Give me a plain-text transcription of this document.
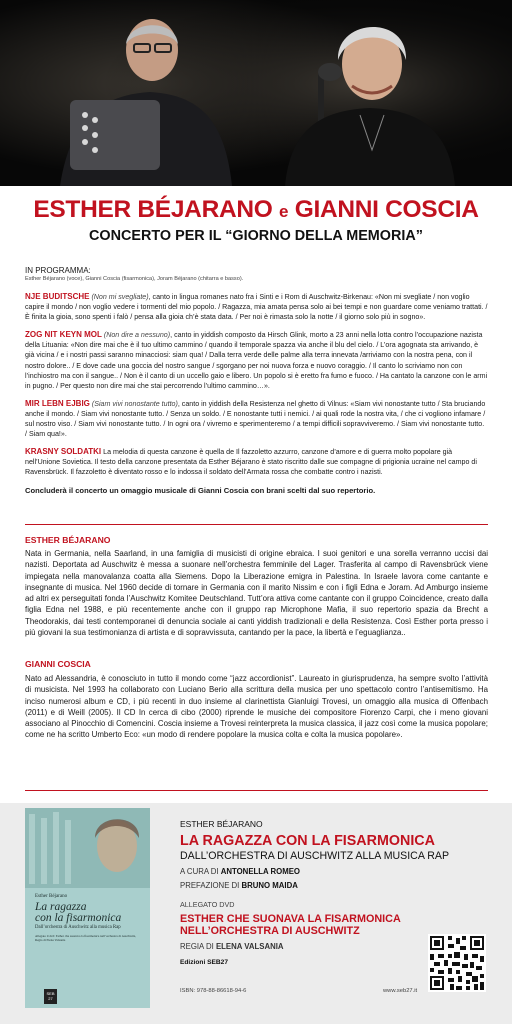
ESTHER BÉJARANO e GIANNI COSCIA
CONCERTO PER IL “GIORNO DELLA MEMORIA”
IN PROGRAMMA:
Esther Béjarano (voce), Gianni Coscia (fisarmonica), Joram Béjarano (chitarra e basso).

NJE BUDITSCHE (Non mi svegliate), canto in lingua romanes nato fra i Sinti e i Rom di Auschwitz-Birkenau: «Non mi svegliate / non voglio capire il mondo / non voglio vedere i tormenti del mio popolo. / Ragazza, mia amata pensa solo ai bei tempi e non guardare come veniamo trattati. / È finita la gioia, sono spenti i falò / pensa alla gioia ch’è stata data. / Per noi è rimasta solo la notte / il giorno solo più in sogno».

ZOG NIT KEYN MOL (Non dire a nessuno), canto in yiddish composto da Hirsch Glink, morto a 23 anni nella lotta contro l’occupazione nazista della Lituania: «Non dire mai che è il tuo ultimo cammino / quando il temporale spazza via anche il blu del cielo. / L’ora agognata sta arrivando, è già vicina / e i nostri passi saranno minacciosi: siam qua! / Dalla terra verde delle palme alla terra innevata /arriviamo con la nostra pena, con il nostro dolore.. / E dove cade una goccia del nostro sangue / sgorgano per noi nuova forza e nuovo coraggio. / Il canto lo scriviamo non con l’inchiostro ma con il sangue.. / Non è il canto di un uccello gaio e libero. Un popolo si è eretto fra fumo e fuoco. / Ha cantato la canzone con le armi in pugno. / Per questo non dire mai che stai percorrendo l’ultimo cammino…».

MIR LEBN EJBIG (Siam vivi nonostante tutto), canto in yiddish della Resistenza nel ghetto di Vilnus: «Siam vivi nonostante tutto / Sta bruciando anche il mondo. / Siam vivi nonostante tutto. / Senza un soldo. / E nonostante tutti i nemici. / ai quali rode la nostra vita, / che ci vogliono infamare / sul nostro viso. / Siam vivi nonostante tutto. / In ogni ora / vivremo e sperimenteremo / a tempi difficili sopravviveremo. / Siam vivi nonostante tutto. / Siam qua!».

KRASNY SOLDATKI La melodia di questa canzone è quella de Il fazzoletto azzurro, canzone d’amore e di guerra molto popolare già nell’Unione Sovietica. Il testo della canzone presentata da Esther Béjarano è stato riscritto dalle sue compagne di prigionia ucraine nel campo di Ravensbrück. Il fazzoletto è diventato rosso e lo indossa il soldato dell’Armata rossa che combatte contro i nazisti.

Concluderà il concerto un omaggio musicale di Gianni Coscia con brani scelti dal suo repertorio.

ESTHER BÉJARANO
Nata in Germania, nella Saarland, in una famiglia di musicisti di origine ebraica. I suoi genitori e una sorella verranno uccisi dai nazisti. Deportata ad Auschwitz è messa a suonare nell’orchestra femminile del Lager. Trasferita al campo di Ravensbrück viene impiegata nella manovalanza coatta alla Siemens. Dopo la Liberazione emigra in Palestina. In Israele lavora come cantante e insegnante di musica. Nel 1960 decide di tornare in Germania con il marito Nissim e con i figli Edna e Joram. Ad Amburgo insieme ad altri ex perseguitati fonda l’Auschwitz Komitee Deutschland. Tutt’ora attiva come cantante con il gruppo Coincidence, creato dalla figlia Edna nel 1988, e più recentemente anche con il gruppo rap Microphone Mafia, il suo repertorio spazia da Brecht a Theodorakis, dai testi contemporanei di denuncia sociale ai canti yiddish tradizionali e della Resistenza. Così Esther porta presso i più giovani la sua testimonianza di artista e di sopravvissuta, cantando per la pace, la libertà e l’eguaglianza..
GIANNI COSCIA
Nato ad Alessandria, è conosciuto in tutto il mondo come “jazz accordionist”. Laureato in giurisprudenza, ha sempre svolto l’attività di musicista. Nel 1993 ha collaborato con Luciano Berio alla scrittura della musica per uno spettacolo contro l’antisemitismo. Ha inciso numerosi album e CD, i più recenti in duo insieme al clarinettista Gianluigi Trovesi, un omaggio alla musica di Offenbach (2011) e di Weill (2005). Il CD In cerca di cibo (2000) riprende le musiche dei compositore Fiorenzo Carpi, che i meno giovani associano al Pinocchio di Comencini. Coscia insieme a Trovesi reinterpreta la musica classica, il jazz così come la musica popolare; come ne ha scritto Umberto Eco: «un modo di rendere popolare la musica colta e colta la musica popolare».
Esther Béjarano
La ragazza
con la fisarmonica
Dall’orchestra di Auschwitz alla musica Rap
Allegato il dvd: Esther che suonava la fisarmonica nell’orchestra di Auschwitz, Regia di Elena Valsania
SEB 27
ESTHER BÉJARANO
LA RAGAZZA CON LA FISARMONICA
DALL’ORCHESTRA DI AUSCHWITZ ALLA MUSICA RAP
A CURA DI ANTONELLA ROMEO
PREFAZIONE DI BRUNO MAIDA
ALLEGATO DVD
ESTHER CHE SUONAVA LA FISARMONICA
NELL’ORCHESTRA DI AUSCHWITZ
REGIA DI ELENA VALSANIA
Edizioni SEB27
ISBN: 978-88-86618-94-6	www.seb27.it
